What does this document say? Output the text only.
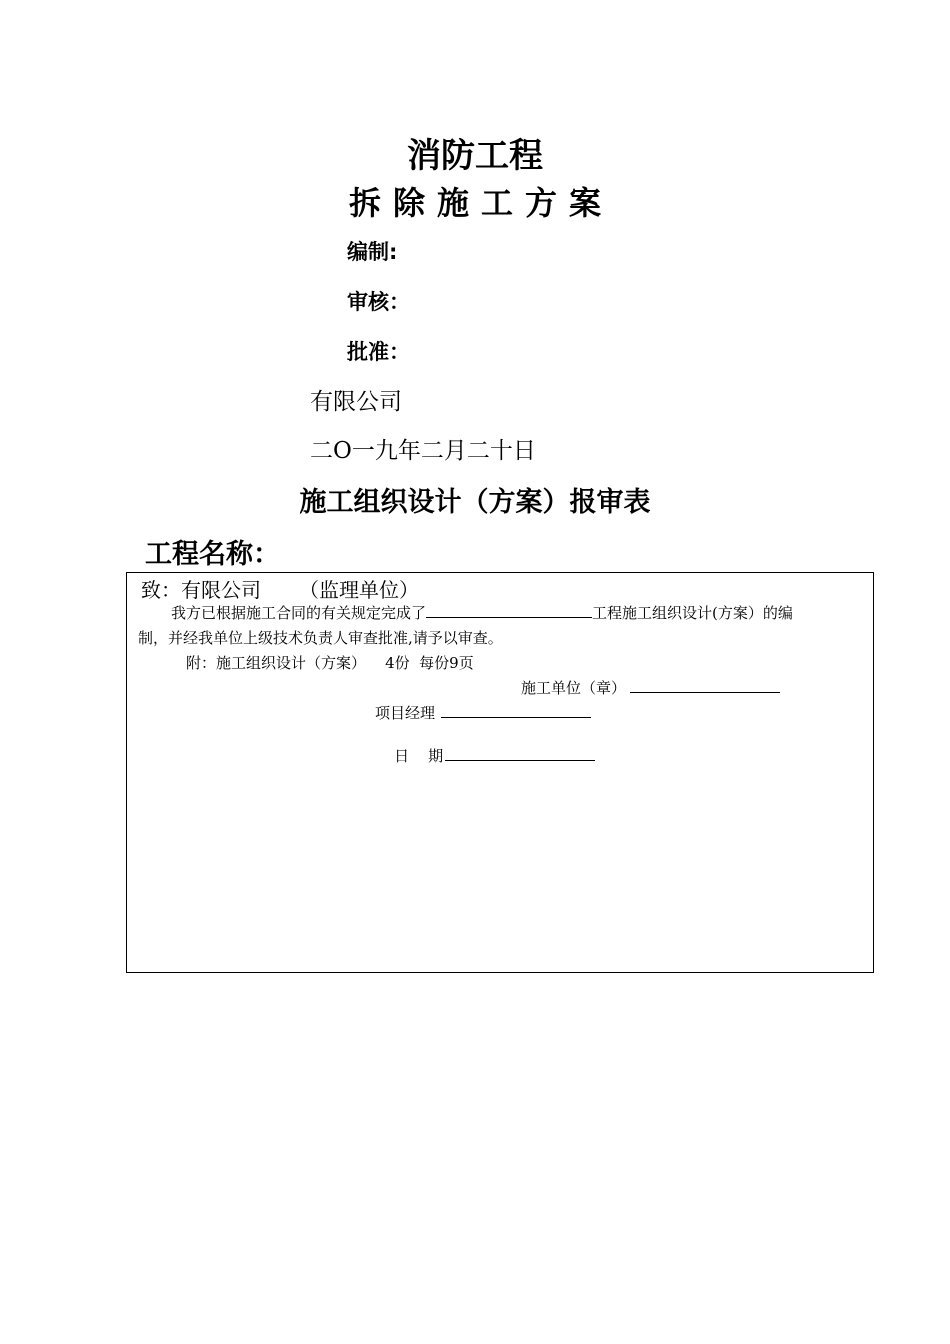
消防工程
拆除施工方案
编制:
审核：
批准：
有限公司
二O一九年二月二十日
施工组织设计（方案）报审表
工程名称：
致：有限公司 （监理单位）
我方已根据施工合同的有关规定完成了	工程施工组织设计(方案）的编
制，并经我单位上级技术负责人审查批准,请予以审查。
附：施工组织设计（方案）    4份  每份9页
施工单位（章）
项目经理

日    期
